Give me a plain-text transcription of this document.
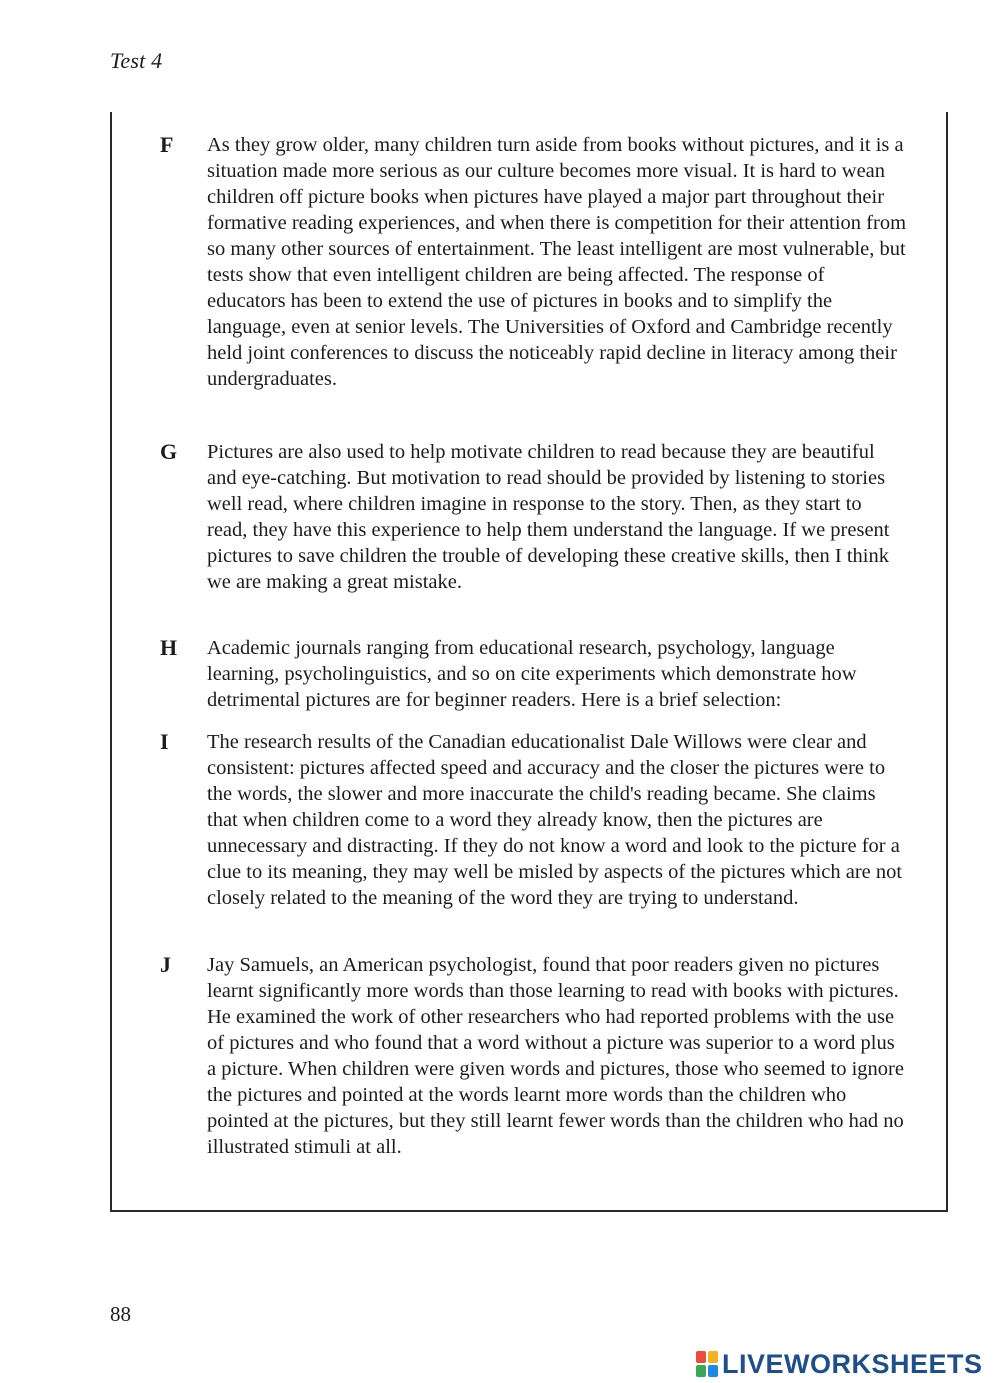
Test 4
F As they grow older, many children turn aside from books without pictures, and it is a situation made more serious as our culture becomes more visual. It is hard to wean children off picture books when pictures have played a major part throughout their formative reading experiences, and when there is competition for their attention from so many other sources of entertainment. The least intelligent are most vulnerable, but tests show that even intelligent children are being affected. The response of educators has been to extend the use of pictures in books and to simplify the language, even at senior levels. The Universities of Oxford and Cambridge recently held joint conferences to discuss the noticeably rapid decline in literacy among their undergraduates.
G Pictures are also used to help motivate children to read because they are beautiful and eye-catching. But motivation to read should be provided by listening to stories well read, where children imagine in response to the story. Then, as they start to read, they have this experience to help them understand the language. If we present pictures to save children the trouble of developing these creative skills, then I think we are making a great mistake.
H Academic journals ranging from educational research, psychology, language learning, psycholinguistics, and so on cite experiments which demonstrate how detrimental pictures are for beginner readers. Here is a brief selection:
I The research results of the Canadian educationalist Dale Willows were clear and consistent: pictures affected speed and accuracy and the closer the pictures were to the words, the slower and more inaccurate the child's reading became. She claims that when children come to a word they already know, then the pictures are unnecessary and distracting. If they do not know a word and look to the picture for a clue to its meaning, they may well be misled by aspects of the pictures which are not closely related to the meaning of the word they are trying to understand.
J Jay Samuels, an American psychologist, found that poor readers given no pictures learnt significantly more words than those learning to read with books with pictures. He examined the work of other researchers who had reported problems with the use of pictures and who found that a word without a picture was superior to a word plus a picture. When children were given words and pictures, those who seemed to ignore the pictures and pointed at the words learnt more words than the children who pointed at the pictures, but they still learnt fewer words than the children who had no illustrated stimuli at all.
88
LIVEWORKSHEETS
